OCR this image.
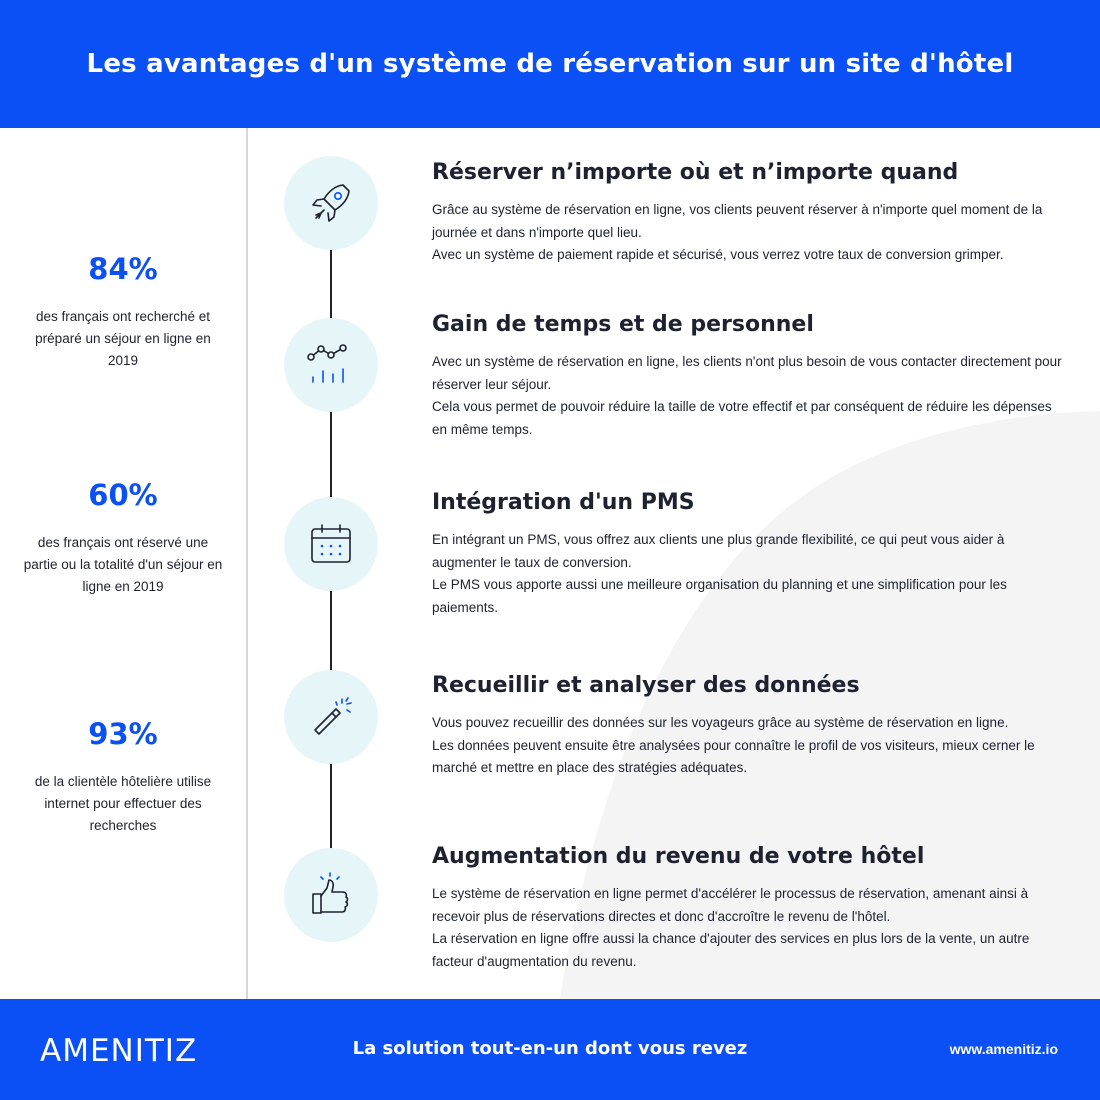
Les avantages d'un système de réservation sur un site d'hôtel
84%
des français ont recherché et préparé un séjour en ligne en 2019
60%
des français ont réservé une partie ou la totalité d'un séjour en ligne en 2019
93%
de la clientèle hôtelière utilise internet pour effectuer des recherches
Réserver n’importe où et n’importe quand

Grâce au système de réservation en ligne, vos clients peuvent réserver à n'importe quel moment de la journée et dans n'importe quel lieu.

Avec un système de paiement rapide et sécurisé, vous verrez votre taux de conversion grimper.

Gain de temps et de personnel

Avec un système de réservation en ligne, les clients n'ont plus besoin de vous contacter directement pour réserver leur séjour.

Cela vous permet de pouvoir réduire la taille de votre effectif et par conséquent de réduire les dépenses en même temps.

Intégration d'un PMS

En intégrant un PMS, vous offrez aux clients une plus grande flexibilité, ce qui peut vous aider à augmenter le taux de conversion.

Le PMS vous apporte aussi une meilleure organisation du planning et une simplification pour les paiements.

Recueillir et analyser des données

Vous pouvez recueillir des données sur les voyageurs grâce au système de réservation en ligne.

Les données peuvent ensuite être analysées pour connaître le profil de vos visiteurs, mieux cerner le marché et mettre en place des stratégies adéquates.

Augmentation du revenu de votre hôtel

Le système de réservation en ligne permet d'accélérer le processus de réservation, amenant ainsi à recevoir plus de réservations directes et donc d'accroître le revenu de l'hôtel.

La réservation en ligne offre aussi la chance d'ajouter des services en plus lors de la vente, un autre facteur d'augmentation du revenu.

AMENITIZ	La solution tout-en-un dont vous revez	www.amenitiz.io
